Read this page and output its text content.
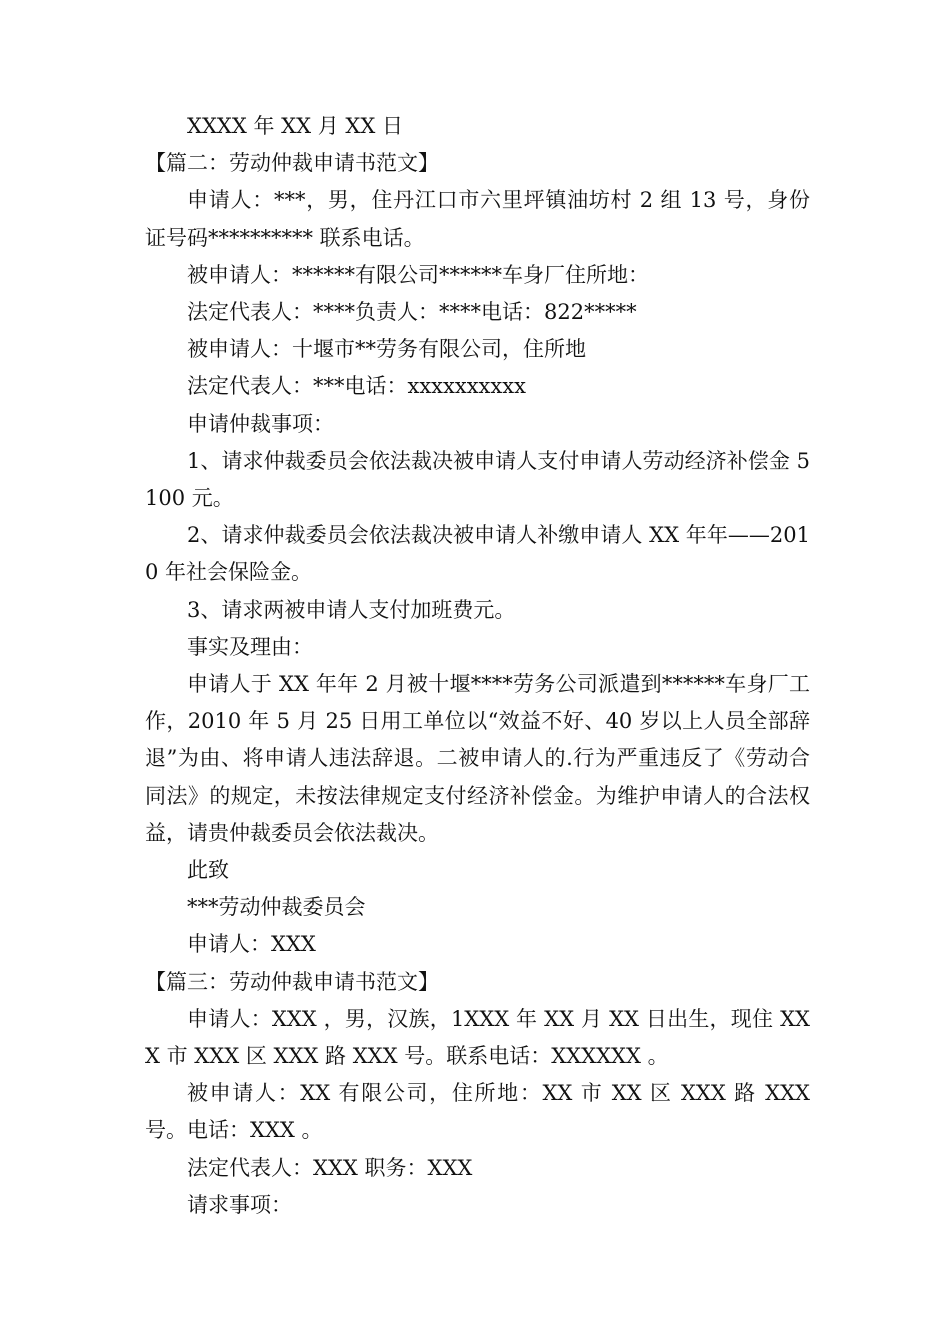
XXXX 年 XX 月 XX 日

【篇二：劳动仲裁申请书范文】

申请人：***，男，住丹江口市六里坪镇油坊村 2 组 13 号，身份证号码********** 联系电话。

被申请人：******有限公司******车身厂住所地：

法定代表人：****负责人：****电话：822*****

被申请人：十堰市**劳务有限公司，住所地

法定代表人：***电话：xxxxxxxxxx

申请仲裁事项：

1、请求仲裁委员会依法裁决被申请人支付申请人劳动经济补偿金 5100 元。

2、请求仲裁委员会依法裁决被申请人补缴申请人 XX 年年——2010 年社会保险金。

3、请求两被申请人支付加班费元。

事实及理由：

申请人于 XX 年年 2 月被十堰****劳务公司派遣到******车身厂工作，2010 年 5 月 25 日用工单位以“效益不好、40 岁以上人员全部辞退”为由、将申请人违法辞退。二被申请人的.行为严重违反了《劳动合同法》的规定，未按法律规定支付经济补偿金。为维护申请人的合法权益，请贵仲裁委员会依法裁决。

此致

***劳动仲裁委员会

申请人：XXX

【篇三：劳动仲裁申请书范文】

申请人：XXX ，男，汉族，1XXX 年 XX 月 XX 日出生，现住 XXX 市 XXX 区 XXX 路 XXX 号。联系电话：XXXXXX 。

被申请人：XX 有限公司，住所地：XX 市 XX 区 XXX 路 XXX 号。电话：XXX 。

法定代表人：XXX 职务：XXX

请求事项：
